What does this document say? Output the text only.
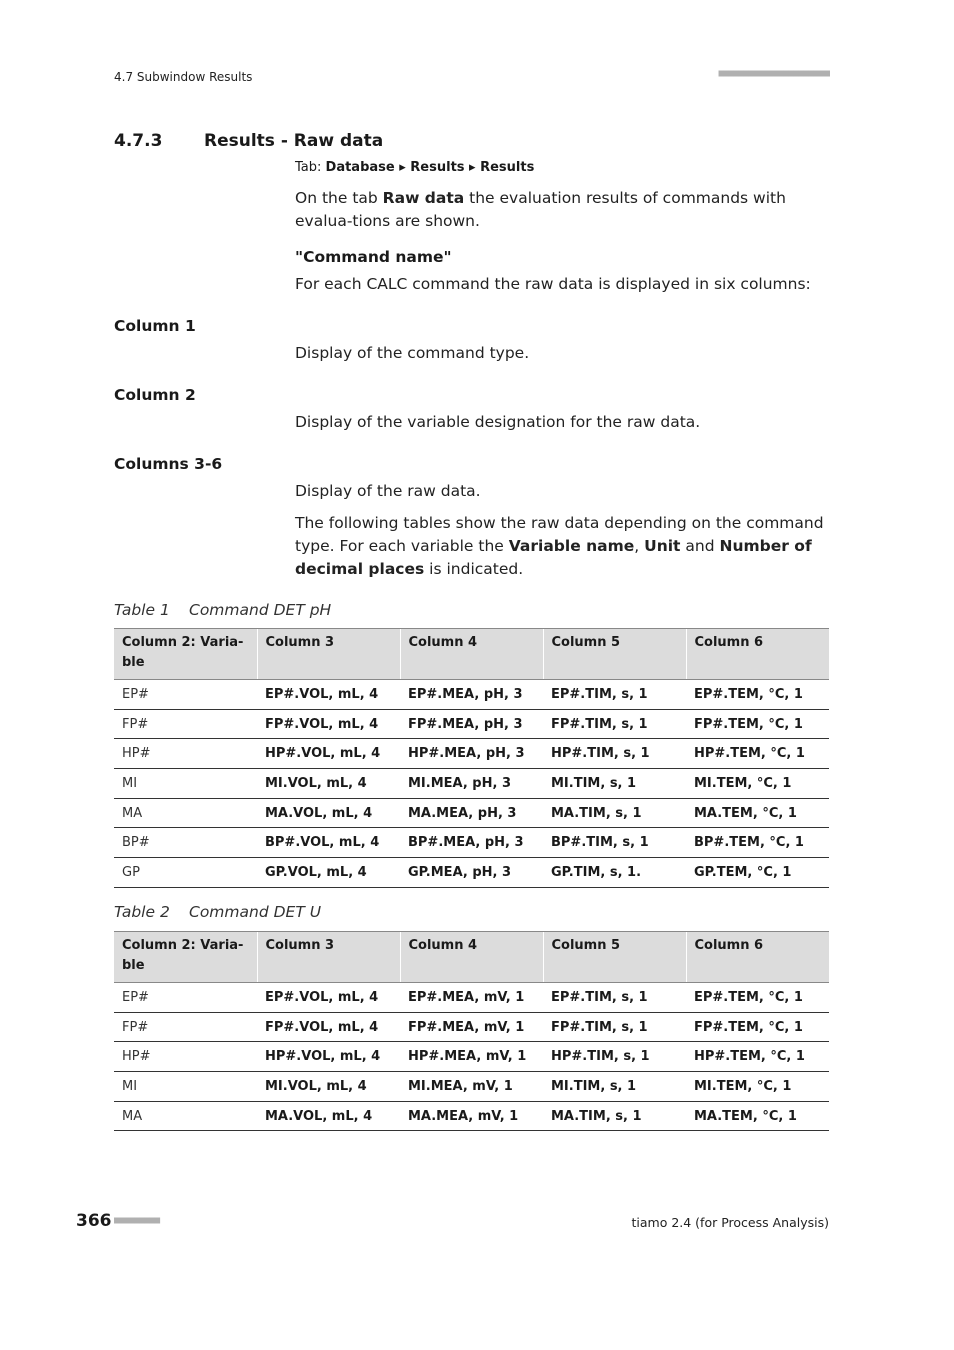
4.7 Subwindow Results	■■■■■■■■■■■■■■■■■■■■■■
4.7.3 Results - Raw data
Tab: Database ▸ Results ▸ Results
On the tab Raw data the evaluation results of commands with evalua-tions are shown.
"Command name"
For each CALC command the raw data is displayed in six columns:
Column 1
Display of the command type.
Column 2
Display of the variable designation for the raw data.
Columns 3-6
Display of the raw data.
The following tables show the raw data depending on the command type. For each variable the Variable name, Unit and Number of decimal places is indicated.
Table 1 Command DET pH
Column 2: Varia-ble	Column 3	Column 4	Column 5	Column 6
EP#	EP#.VOL, mL, 4	EP#.MEA, pH, 3	EP#.TIM, s, 1	EP#.TEM, °C, 1
FP#	FP#.VOL, mL, 4	FP#.MEA, pH, 3	FP#.TIM, s, 1	FP#.TEM, °C, 1
HP#	HP#.VOL, mL, 4	HP#.MEA, pH, 3	HP#.TIM, s, 1	HP#.TEM, °C, 1
MI	MI.VOL, mL, 4	MI.MEA, pH, 3	MI.TIM, s, 1	MI.TEM, °C, 1
MA	MA.VOL, mL, 4	MA.MEA, pH, 3	MA.TIM, s, 1	MA.TEM, °C, 1
BP#	BP#.VOL, mL, 4	BP#.MEA, pH, 3	BP#.TIM, s, 1	BP#.TEM, °C, 1
GP	GP.VOL, mL, 4	GP.MEA, pH, 3	GP.TIM, s, 1.	GP.TEM, °C, 1
Table 2 Command DET U
Column 2: Varia-ble	Column 3	Column 4	Column 5	Column 6
EP#	EP#.VOL, mL, 4	EP#.MEA, mV, 1	EP#.TIM, s, 1	EP#.TEM, °C, 1
FP#	FP#.VOL, mL, 4	FP#.MEA, mV, 1	FP#.TIM, s, 1	FP#.TEM, °C, 1
HP#	HP#.VOL, mL, 4	HP#.MEA, mV, 1	HP#.TIM, s, 1	HP#.TEM, °C, 1
MI	MI.VOL, mL, 4	MI.MEA, mV, 1	MI.TIM, s, 1	MI.TEM, °C, 1
MA	MA.VOL, mL, 4	MA.MEA, mV, 1	MA.TIM, s, 1	MA.TEM, °C, 1
366 ■■■■■■■■■	tiamo 2.4 (for Process Analysis)
